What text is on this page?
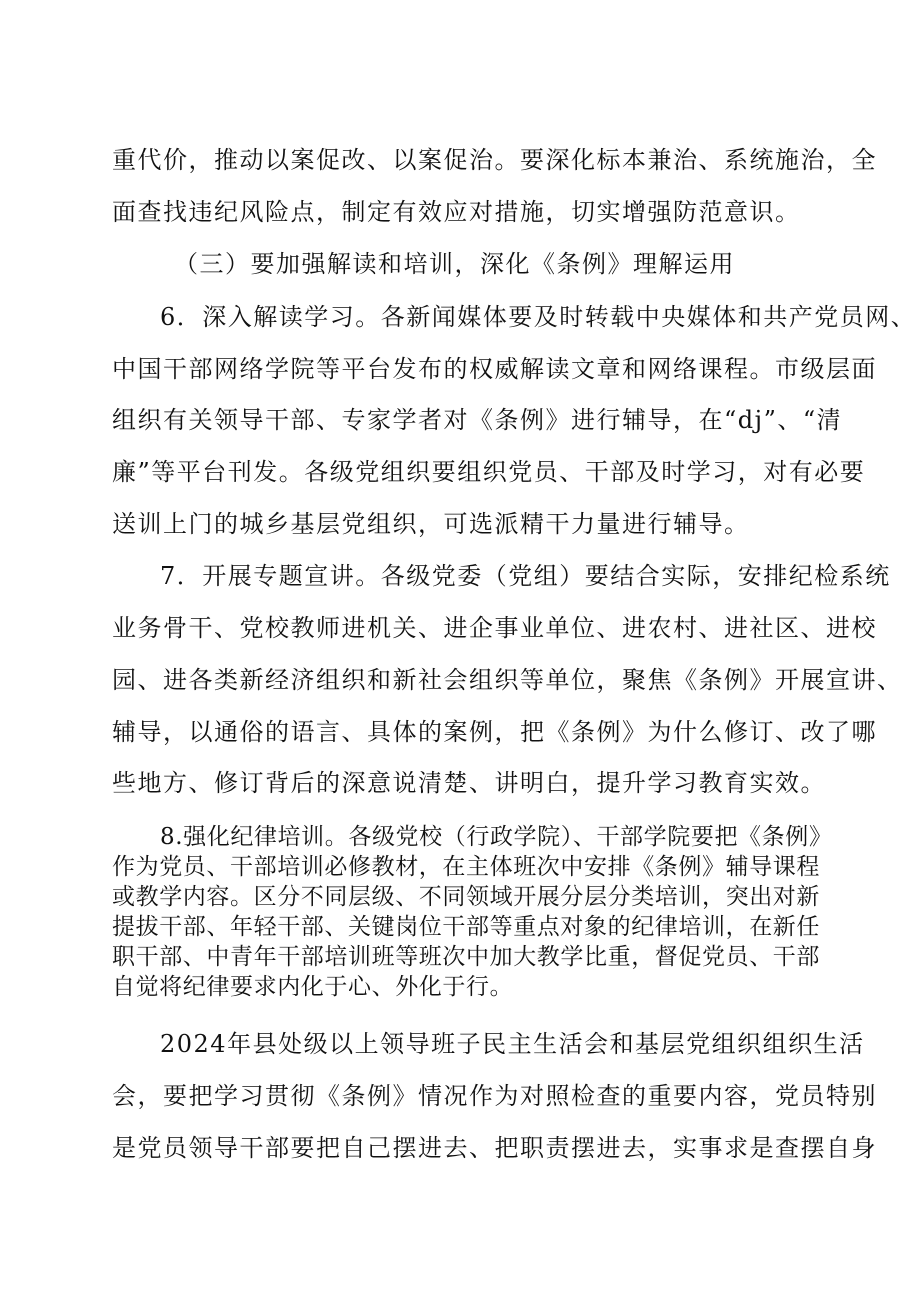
重代价，推动以案促改、以案促治。要深化标本兼治、系统施治，全
面查找违纪风险点，制定有效应对措施，切实增强防范意识。
（三）要加强解读和培训，深化《条例》理解运用
6．深入解读学习。各新闻媒体要及时转载中央媒体和共产党员网、
中国干部网络学院等平台发布的权威解读文章和网络课程。市级层面
组织有关领导干部、专家学者对《条例》进行辅导，在“dj”、“清
廉”等平台刊发。各级党组织要组织党员、干部及时学习，对有必要
送训上门的城乡基层党组织，可选派精干力量进行辅导。
7．开展专题宣讲。各级党委（党组）要结合实际，安排纪检系统
业务骨干、党校教师进机关、进企事业单位、进农村、进社区、进校
园、进各类新经济组织和新社会组织等单位，聚焦《条例》开展宣讲、
辅导，以通俗的语言、具体的案例，把《条例》为什么修订、改了哪
些地方、修订背后的深意说清楚、讲明白，提升学习教育实效。
8.强化纪律培训。各级党校（行政学院）、干部学院要把《条例》
作为党员、干部培训必修教材，在主体班次中安排《条例》辅导课程
或教学内容。区分不同层级、不同领域开展分层分类培训，突出对新
提拔干部、年轻干部、关键岗位干部等重点对象的纪律培训，在新任
职干部、中青年干部培训班等班次中加大教学比重，督促党员、干部
自觉将纪律要求内化于心、外化于行。
2024年县处级以上领导班子民主生活会和基层党组织组织生活
会，要把学习贯彻《条例》情况作为对照检查的重要内容，党员特别
是党员领导干部要把自己摆进去、把职责摆进去，实事求是查摆自身
